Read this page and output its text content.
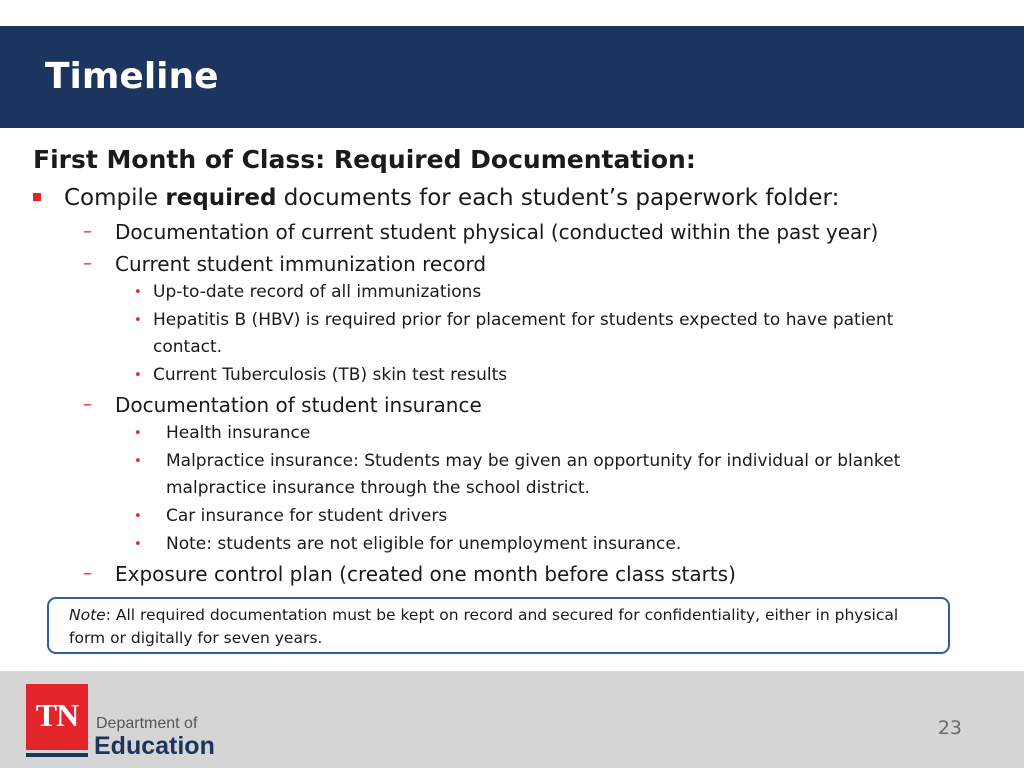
Timeline
First Month of Class: Required Documentation:
Compile required documents for each student’s paperwork folder:
– Documentation of current student physical (conducted within the past year)
– Current student immunization record
• Up-to-date record of all immunizations
• Hepatitis B (HBV) is required prior for placement for students expected to have patient
contact.
• Current Tuberculosis (TB) skin test results
– Documentation of student insurance
• Health insurance
• Malpractice insurance: Students may be given an opportunity for individual or blanket
malpractice insurance through the school district.
• Car insurance for student drivers
• Note: students are not eligible for unemployment insurance.
– Exposure control plan (created one month before class starts)

Note: All required documentation must be kept on record and secured for confidentiality, either in physical form or digitally for seven years.

TN	Department of
Education
23
